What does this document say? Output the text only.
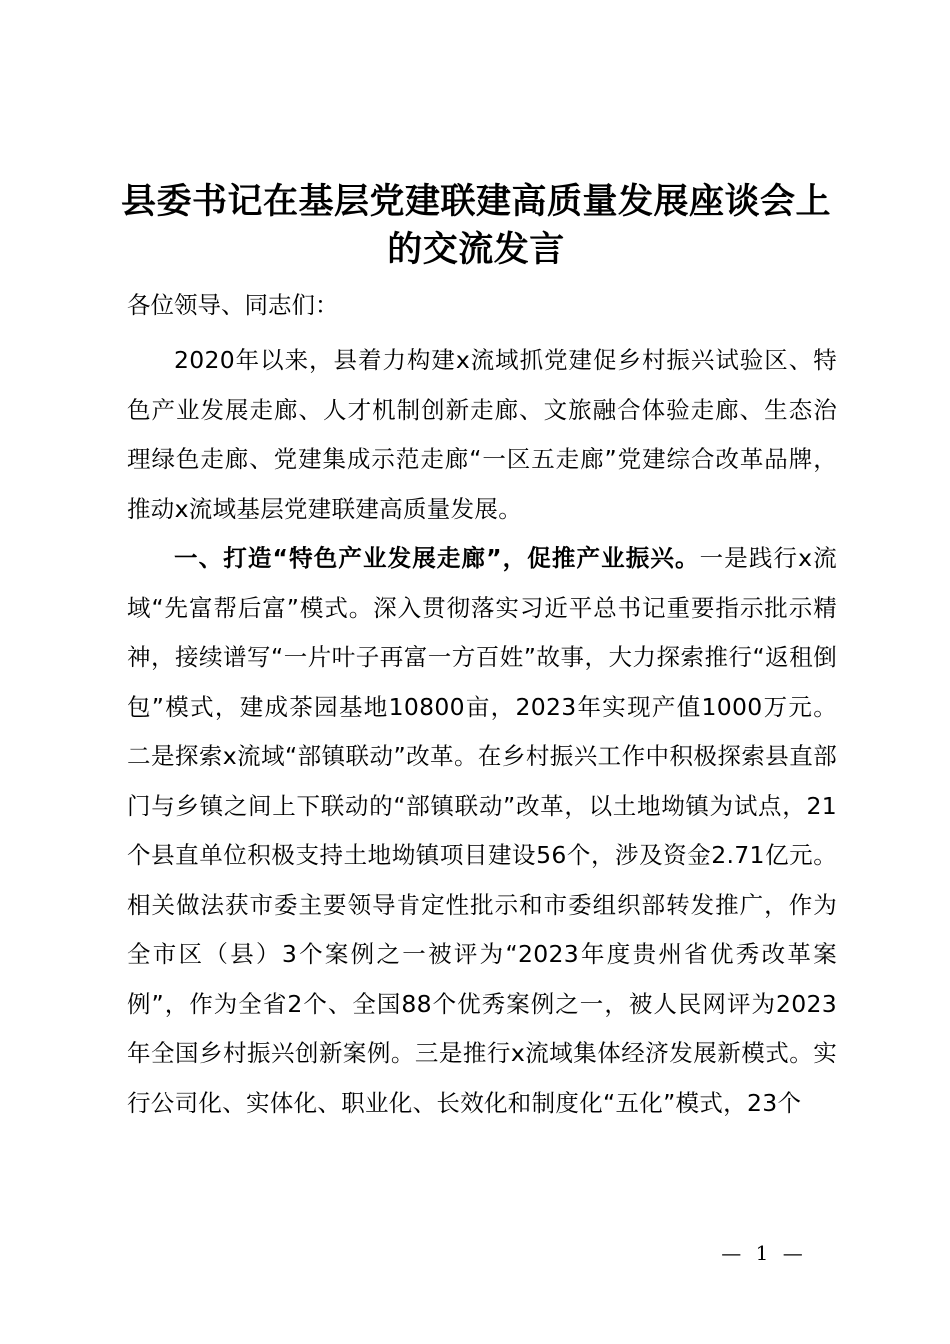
县委书记在基层党建联建高质量发展座谈会上的交流发言
各位领导、同志们：

2020年以来，县着力构建x流域抓党建促乡村振兴试验区、特色产业发展走廊、人才机制创新走廊、文旅融合体验走廊、生态治理绿色走廊、党建集成示范走廊“一区五走廊”党建综合改革品牌，推动x流域基层党建联建高质量发展。

一、打造“特色产业发展走廊”，促推产业振兴。一是践行x流域“先富帮后富”模式。深入贯彻落实习近平总书记重要指示批示精神，接续谱写“一片叶子再富一方百姓”故事，大力探索推行“返租倒包”模式，建成茶园基地10800亩，2023年实现产值1000万元。二是探索x流域“部镇联动”改革。在乡村振兴工作中积极探索县直部门与乡镇之间上下联动的“部镇联动”改革，以土地坳镇为试点，21个县直单位积极支持土地坳镇项目建设56个，涉及资金2.71亿元。相关做法获市委主要领导肯定性批示和市委组织部转发推广，作为全市区（县）3个案例之一被评为“2023年度贵州省优秀改革案例”，作为全省2个、全国88个优秀案例之一，被人民网评为2023年全国乡村振兴创新案例。三是推行x流域集体经济发展新模式。实行公司化、实体化、职业化、长效化和制度化“五化”模式，23个

— 1 —
